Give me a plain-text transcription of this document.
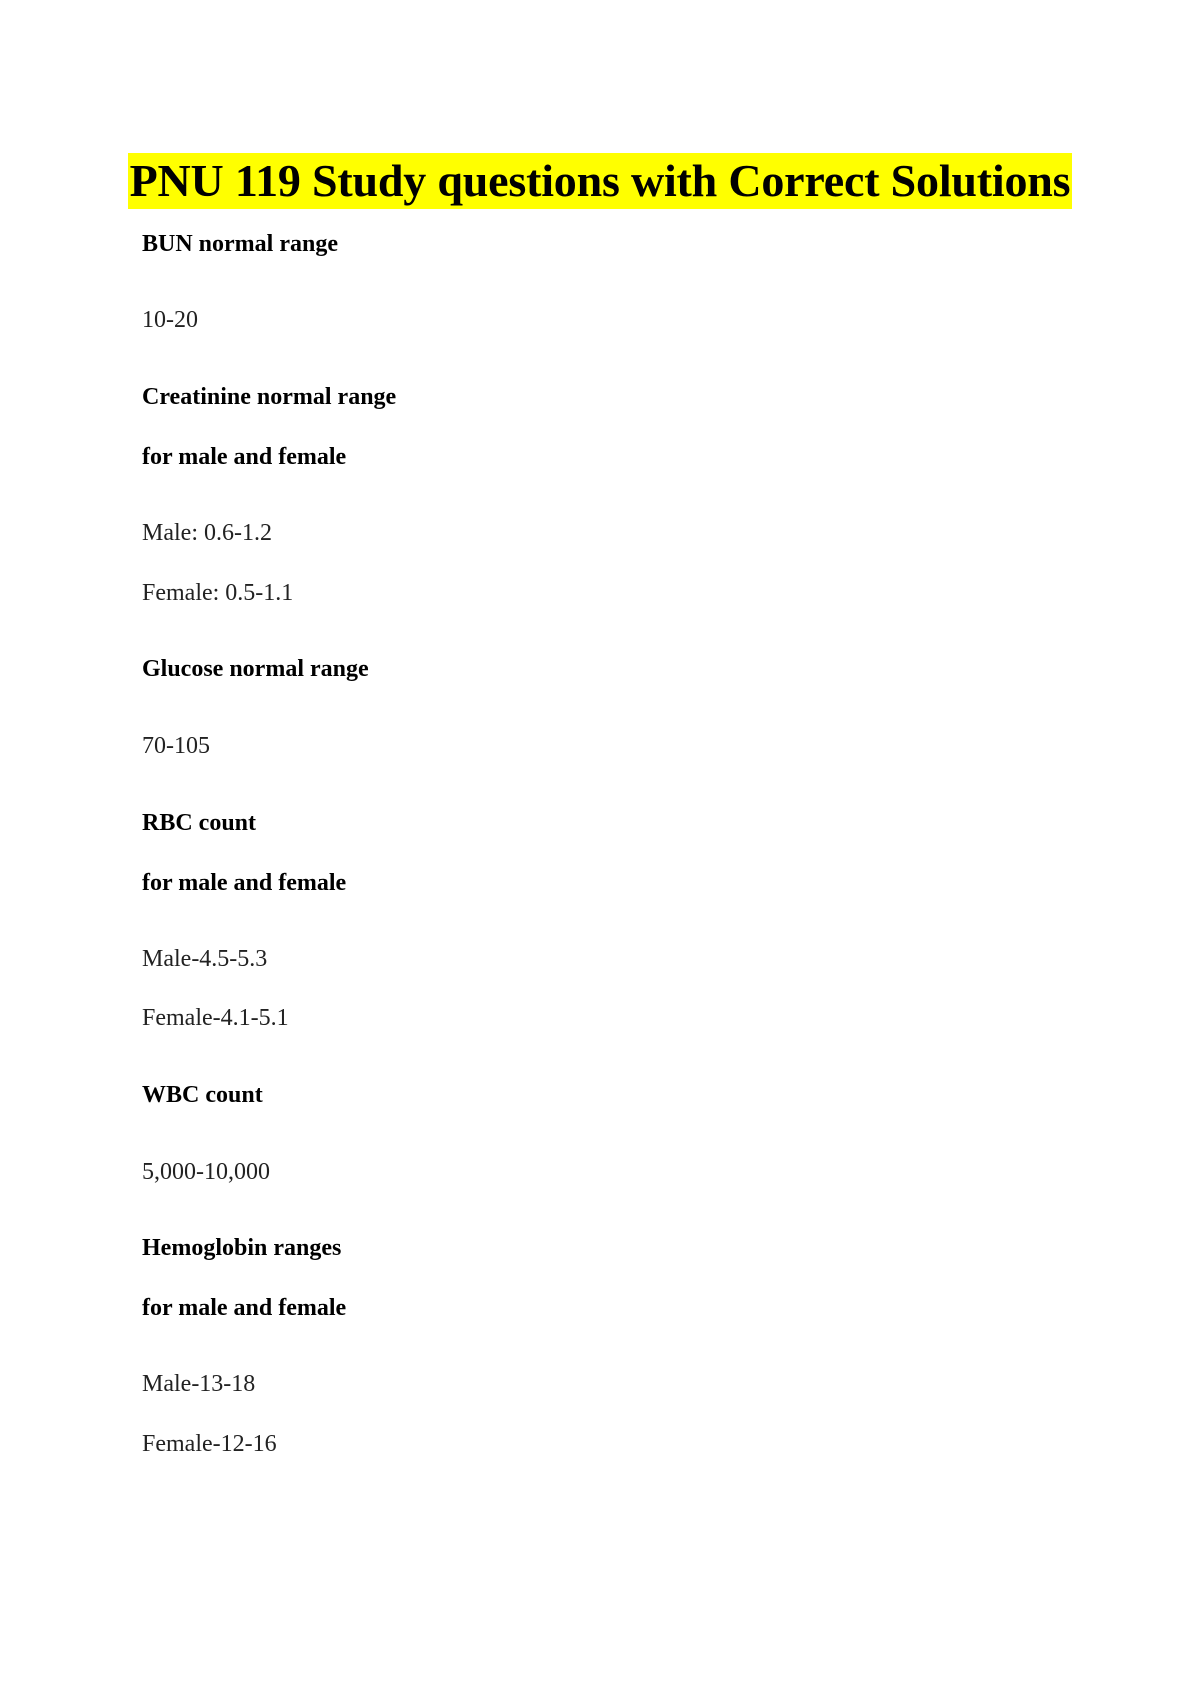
PNU 119 Study questions with Correct Solutions
BUN normal range
10-20
Creatinine normal range
for male and female
Male: 0.6-1.2
Female: 0.5-1.1
Glucose normal range
70-105
RBC count
for male and female
Male-4.5-5.3
Female-4.1-5.1
WBC count
5,000-10,000
Hemoglobin ranges
for male and female
Male-13-18
Female-12-16
